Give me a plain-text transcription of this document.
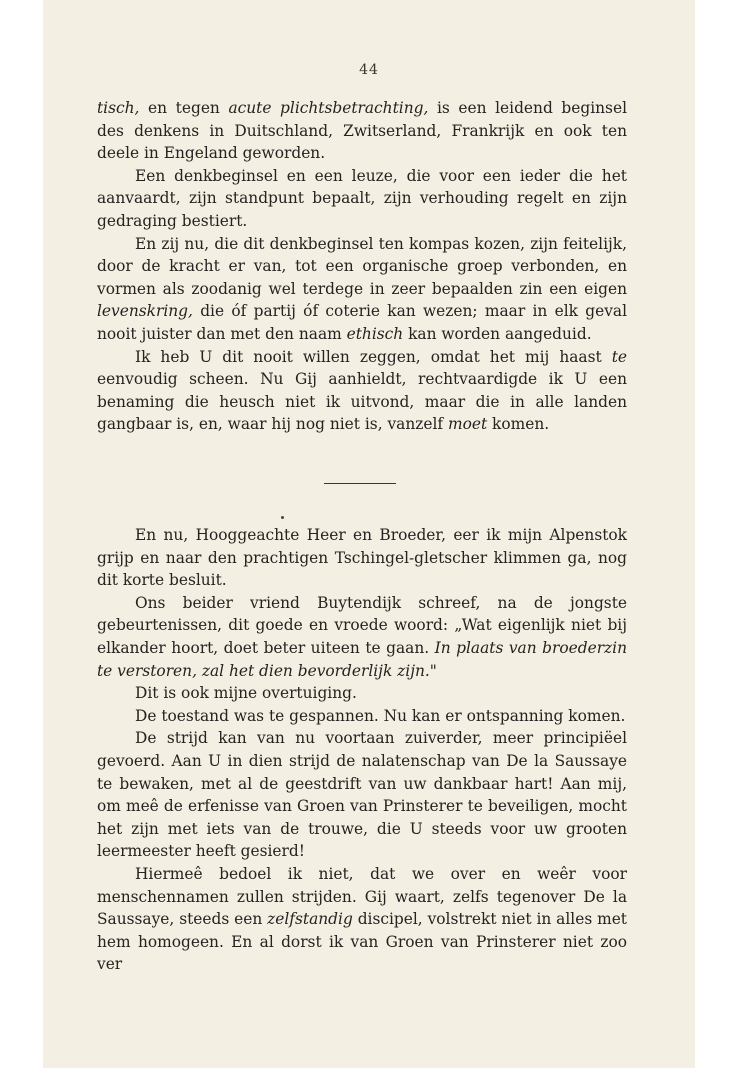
44

tisch, en tegen acute plichtsbetrachting, is een leidend beginsel des denkens in Duitschland, Zwitserland, Frankrijk en ook ten deele in Engeland geworden.

Een denkbeginsel en een leuze, die voor een ieder die het aanvaardt, zijn standpunt bepaalt, zijn verhouding regelt en zijn gedraging bestiert.

En zij nu, die dit denkbeginsel ten kompas kozen, zijn feitelijk, door de kracht er van, tot een organische groep verbonden, en vormen als zoodanig wel terdege in zeer bepaalden zin een eigen levenskring, die óf partij óf coterie kan wezen; maar in elk geval nooit juister dan met den naam ethisch kan worden aangeduid.

Ik heb U dit nooit willen zeggen, omdat het mij haast te eenvoudig scheen. Nu Gij aanhieldt, rechtvaardigde ik U een benaming die heusch niet ik uitvond, maar die in alle landen gangbaar is, en, waar hij nog niet is, vanzelf moet komen.

En nu, Hooggeachte Heer en Broeder, eer ik mijn Alpenstok grijp en naar den prachtigen Tschingel-gletscher klimmen ga, nog dit korte besluit.

Ons beider vriend Buytendijk schreef, na de jongste gebeurtenissen, dit goede en vroede woord: „Wat eigenlijk niet bij elkander hoort, doet beter uiteen te gaan. In plaats van broederzin te verstoren, zal het dien bevorderlijk zijn."

Dit is ook mijne overtuiging.

De toestand was te gespannen. Nu kan er ontspanning komen.

De strijd kan van nu voortaan zuiverder, meer principiëel gevoerd. Aan U in dien strijd de nalatenschap van De la Saussaye te bewaken, met al de geestdrift van uw dankbaar hart! Aan mij, om meê de erfenisse van Groen van Prinsterer te beveiligen, mocht het zijn met iets van de trouwe, die U steeds voor uw grooten leermeester heeft gesierd!

Hiermeê bedoel ik niet, dat we over en weêr voor menschennamen zullen strijden. Gij waart, zelfs tegenover De la Saussaye, steeds een zelfstandig discipel, volstrekt niet in alles met hem homogeen. En al dorst ik van Groen van Prinsterer niet zoo ver
